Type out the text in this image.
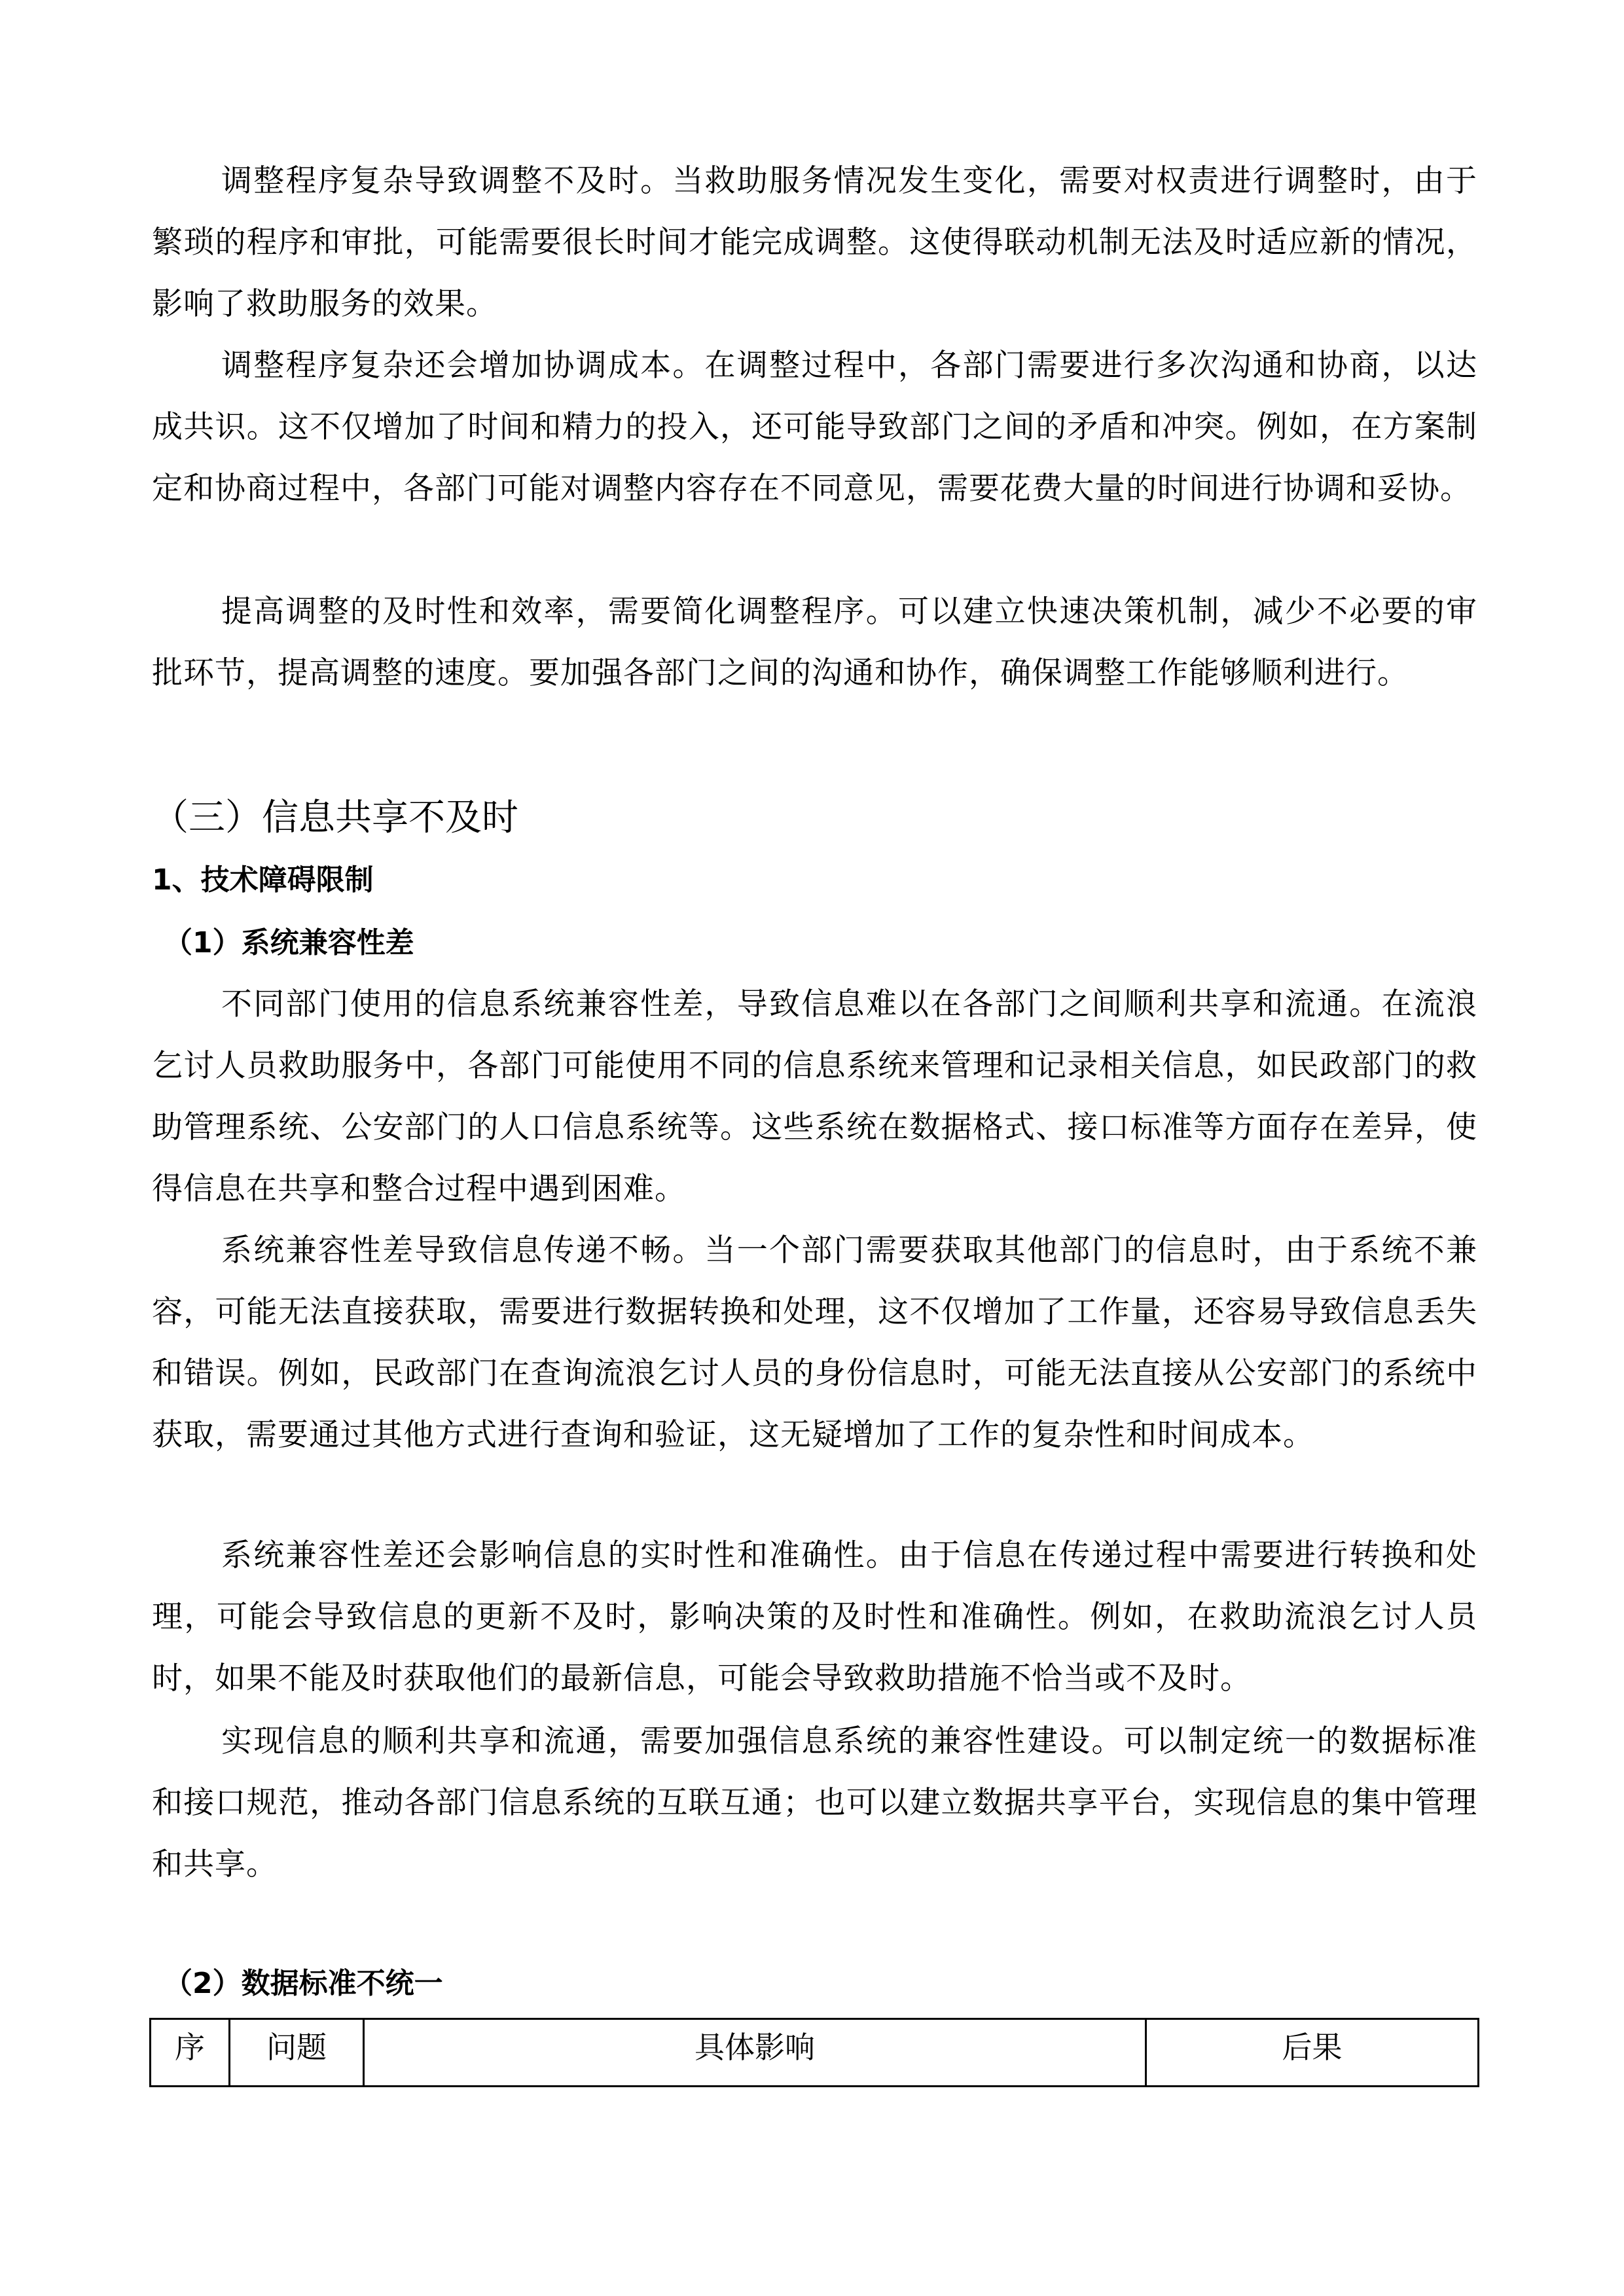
调整程序复杂导致调整不及时。当救助服务情况发生变化，需要对权责进行调整时，由于繁琐的程序和审批，可能需要很长时间才能完成调整。这使得联动机制无法及时适应新的情况，影响了救助服务的效果。

调整程序复杂还会增加协调成本。在调整过程中，各部门需要进行多次沟通和协商，以达成共识。这不仅增加了时间和精力的投入，还可能导致部门之间的矛盾和冲突。例如，在方案制定和协商过程中，各部门可能对调整内容存在不同意见，需要花费大量的时间进行协调和妥协。

提高调整的及时性和效率，需要简化调整程序。可以建立快速决策机制，减少不必要的审批环节，提高调整的速度。要加强各部门之间的沟通和协作，确保调整工作能够顺利进行。

（三）信息共享不及时
1、技术障碍限制
（1）系统兼容性差

不同部门使用的信息系统兼容性差，导致信息难以在各部门之间顺利共享和流通。在流浪乞讨人员救助服务中，各部门可能使用不同的信息系统来管理和记录相关信息，如民政部门的救助管理系统、公安部门的人口信息系统等。这些系统在数据格式、接口标准等方面存在差异，使得信息在共享和整合过程中遇到困难。

系统兼容性差导致信息传递不畅。当一个部门需要获取其他部门的信息时，由于系统不兼容，可能无法直接获取，需要进行数据转换和处理，这不仅增加了工作量，还容易导致信息丢失和错误。例如，民政部门在查询流浪乞讨人员的身份信息时，可能无法直接从公安部门的系统中获取，需要通过其他方式进行查询和验证，这无疑增加了工作的复杂性和时间成本。

系统兼容性差还会影响信息的实时性和准确性。由于信息在传递过程中需要进行转换和处理，可能会导致信息的更新不及时，影响决策的及时性和准确性。例如，在救助流浪乞讨人员时，如果不能及时获取他们的最新信息，可能会导致救助措施不恰当或不及时。

实现信息的顺利共享和流通，需要加强信息系统的兼容性建设。可以制定统一的数据标准和接口规范，推动各部门信息系统的互联互通；也可以建立数据共享平台，实现信息的集中管理和共享。

（2）数据标准不统一
序	问题	具体影响	后果
